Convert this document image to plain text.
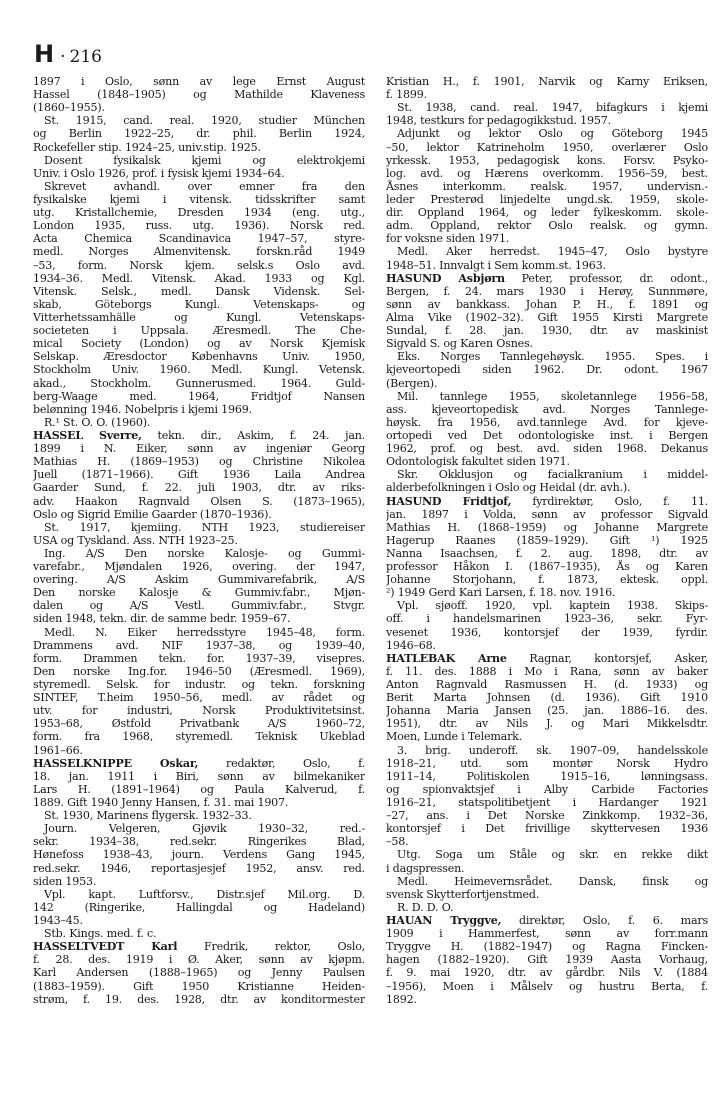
H · 216
1897 i Oslo, sønn av lege Ernst August
Hassel (1848–1905) og Mathilde Klaveness
(1860–1955).
St. 1915, cand. real. 1920, studier München
og Berlin 1922–25, dr. phil. Berlin 1924,
Rockefeller stip. 1924–25, univ.stip. 1925.
Dosent fysikalsk kjemi og elektrokjemi
Univ. i Oslo 1926, prof. i fysisk kjemi 1934–64.
Skrevet avhandl. over emner fra den
fysikalske kjemi i vitensk. tidsskrifter samt
utg. Kristallchemie, Dresden 1934 (eng. utg.,
London 1935, russ. utg. 1936). Norsk red.
Acta Chemica Scandinavica 1947–57, styre-
medl. Norges Almenvitensk. forskn.råd 1949
–53, form. Norsk kjem. selsk.s Oslo avd.
1934–36. Medl. Vitensk. Akad. 1933 og Kgl.
Vitensk. Selsk., medl. Dansk Vidensk. Sel-
skab, Göteborgs Kungl. Vetenskaps- og
Vitterhetssamhälle og Kungl. Vetenskaps-
societeten i Uppsala. Æresmedl. The Che-
mical Society (London) og av Norsk Kjemisk
Selskap. Æresdoctor Københavns Univ. 1950,
Stockholm Univ. 1960. Medl. Kungl. Vetensk.
akad., Stockholm. Gunnerusmed. 1964. Guld-
berg-Waage med. 1964, Fridtjof Nansen
belønning 1946. Nobelpris i kjemi 1969.
R.¹ St. O. O. (1960).
HASSEL Sverre, tekn. dir., Askim, f. 24. jan.
1899 i N. Eiker, sønn av ingeniør Georg
Mathias H. (1869–1953) og Christine Nikolea
Juell (1871–1966). Gift 1936 Laila Andrea
Gaarder Sund, f. 22. juli 1903, dtr. av riks-
adv. Haakon Ragnvald Olsen S. (1873–1965),
Oslo og Sigrid Emilie Gaarder (1870–1936).
St. 1917, kjemiing. NTH 1923, studiereiser
USA og Tyskland. Ass. NTH 1923–25.
Ing. A/S Den norske Kalosje- og Gummi-
varefabr., Mjøndalen 1926, overing. der 1947,
overing. A/S Askim Gummivarefabrik, A/S
Den norske Kalosje & Gummiv.fabr., Mjøn-
dalen og A/S Vestl. Gummiv.fabr., Stvgr.
siden 1948, tekn. dir. de samme bedr. 1959–67.
Medl. N. Eiker herredsstyre 1945–48, form.
Drammens avd. NIF 1937–38, og 1939–40,
form. Drammen tekn. for. 1937–39, visepres.
Den norske Ing.for. 1946–50 (Æresmedl. 1969),
styremedl. Selsk. for industr. og tekn. forskning
SINTEF, T.heim 1950–56, medl. av rådet og
utv. for industri, Norsk Produktivitetsinst.
1953–68, Østfold Privatbank A/S 1960–72,
form. fra 1968, styremedl. Teknisk Ukeblad
1961–66.
HASSELKNIPPE Oskar, redaktør, Oslo, f.
18. jan. 1911 i Biri, sønn av bilmekaniker
Lars H. (1891–1964) og Paula Kalverud, f.
1889. Gift 1940 Jenny Hansen, f. 31. mai 1907.
St. 1930, Marinens flygersk. 1932–33.
Journ. Velgeren, Gjøvik 1930–32, red.-
sekr. 1934–38, red.sekr. Ringerikes Blad,
Hønefoss 1938–43, journ. Verdens Gang 1945,
red.sekr. 1946, reportasjesjef 1952, ansv. red.
siden 1953.
Vpl. kapt. Luftforsv., Distr.sjef Mil.org. D.
142 (Ringerike, Hallingdal og Hadeland)
1943–45.
Stb. Kings. med. f. c.
HASSELTVEDT Karl Fredrik, rektor, Oslo,
f. 28. des. 1919 i Ø. Aker, sønn av kjøpm.
Karl Andersen (1888–1965) og Jenny Paulsen
(1883–1959). Gift 1950 Kristianne Heiden-
strøm, f. 19. des. 1928, dtr. av konditormester
Kristian H., f. 1901, Narvik og Karny Eriksen,
f. 1899.
St. 1938, cand. real. 1947, bifagkurs i kjemi
1948, testkurs for pedagogikkstud. 1957.
Adjunkt og lektor Oslo og Göteborg 1945
–50, lektor Katrineholm 1950, overlærer Oslo
yrkessk. 1953, pedagogisk kons. Forsv. Psyko-
log. avd. og Hærens overkomm. 1956–59, best.
Åsnes interkomm. realsk. 1957, undervisn.-
leder Presterød linjedelte ungd.sk. 1959, skole-
dir. Oppland 1964, og leder fylkeskomm. skole-
adm. Oppland, rektor Oslo realsk. og gymn.
for voksne siden 1971.
Medl. Aker herredst. 1945–47, Oslo bystyre
1948–51. Innvalgt i Sem komm.st. 1963.
HASUND Asbjørn Peter, professor, dr. odont.,
Bergen, f. 24. mars 1930 i Herøy, Sunnmøre,
sønn av bankkass. Johan P. H., f. 1891 og
Alma Vike (1902–32). Gift 1955 Kirsti Margrete
Sundal, f. 28. jan. 1930, dtr. av maskinist
Sigvald S. og Karen Osnes.
Eks. Norges Tannlegehøysk. 1955. Spes. i
kjeveortopedi siden 1962. Dr. odont. 1967
(Bergen).
Mil. tannlege 1955, skoletannlege 1956–58,
ass. kjeveortopedisk avd. Norges Tannlege-
høysk. fra 1956, avd.tannlege Avd. for kjeve-
ortopedi ved Det odontologiske inst. i Bergen
1962, prof. og best. avd. siden 1968. Dekanus
Odontologisk fakultet siden 1971.
Skr. Okklusjon og facialkranium i middel-
alderbefolkningen i Oslo og Heidal (dr. avh.).
HASUND Fridtjof, fyrdirektør, Oslo, f. 11.
jan. 1897 i Volda, sønn av professor Sigvald
Mathias H. (1868–1959) og Johanne Margrete
Hagerup Raanes (1859–1929). Gift ¹) 1925
Nanna Isaachsen, f. 2. aug. 1898, dtr. av
professor Håkon I. (1867–1935), Ås og Karen
Johanne Storjohann, f. 1873, ektesk. oppl.
²) 1949 Gerd Kari Larsen, f. 18. nov. 1916.
Vpl. sjøoff. 1920, vpl. kaptein 1938. Skips-
off. i handelsmarinen 1923–36, sekr. Fyr-
vesenet 1936, kontorsjef der 1939, fyrdir.
1946–68.
HATLEBAK Arne Ragnar, kontorsjef, Asker,
f. 11. des. 1888 i Mo i Rana, sønn av baker
Anton Ragnvald Rasmussen H. (d. 1933) og
Berit Marta Johnsen (d. 1936). Gift 1910
Johanna Maria Jansen (25. jan. 1886–16. des.
1951), dtr. av Nils J. og Mari Mikkelsdtr.
Moen, Lunde i Telemark.
3. brig. underoff. sk. 1907–09, handelsskole
1918–21, utd. som montør Norsk Hydro
1911–14, Politiskolen 1915–16, lønningsass.
og spionvaktsjef i Alby Carbide Factories
1916–21, statspolitibetjent i Hardanger 1921
–27, ans. i Det Norske Zinkkomp. 1932–36,
kontorsjef i Det frivillige skyttervesen 1936
–58.
Utg. Soga um Ståle og skr. en rekke dikt
i dagspressen.
Medl. Heimevernsrådet. Dansk, finsk og
svensk Skytterfortjenstmed.
R. D. D. O.
HAUAN Tryggve, direktør, Oslo, f. 6. mars
1909 i Hammerfest, sønn av forr.mann
Tryggve H. (1882–1947) og Ragna Fincken-
hagen (1882–1920). Gift 1939 Aasta Vorhaug,
f. 9. mai 1920, dtr. av gårdbr. Nils V. (1884
–1956), Moen i Målselv og hustru Berta, f.
1892.
